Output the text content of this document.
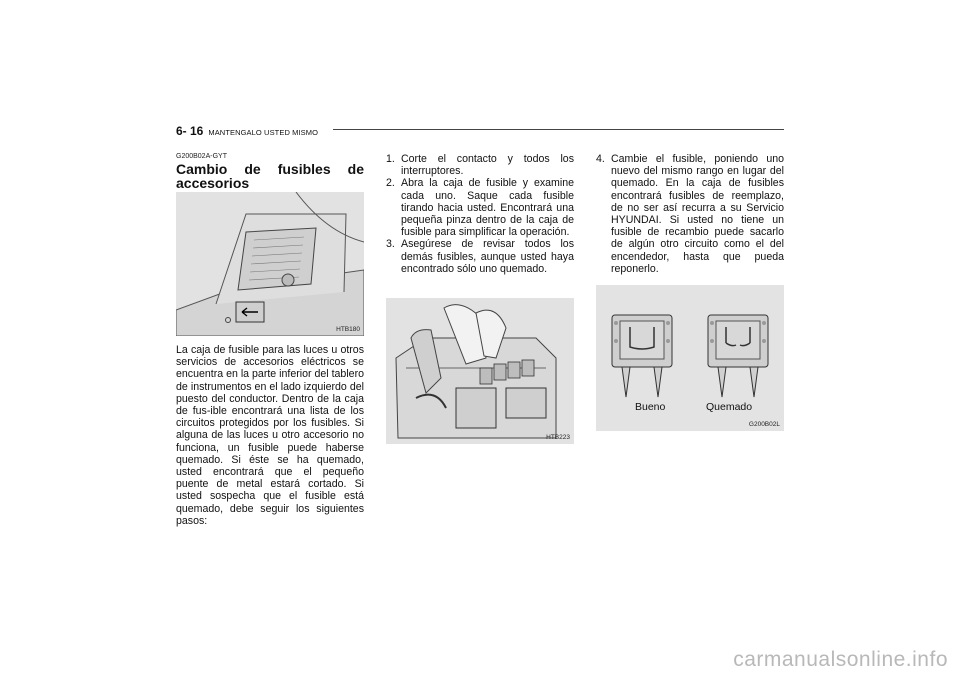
6- 16 MANTENGALO USTED MISMO
G200B02A-GYT
Cambio de fusibles de
accesorios
HTB180

La caja de fusible para las luces u otros servicios de accesorios eléctricos se encuentra en la parte inferior del tablero de instrumentos en el lado izquierdo del puesto del conductor. Dentro de la caja de fus-ible encontrará una lista de los circuitos protegidos por los fusibles. Si alguna de las luces u otro accesorio no funciona, un fusible puede haberse quemado. Si éste se ha quemado, usted encontrará que el pequeño puente de metal estará cortado. Si usted sospecha que el fusible está quemado, debe seguir los siguientes pasos:

1. Corte el contacto y todos los interruptores.
2. Abra la caja de fusible y examine cada uno. Saque cada fusible tirando hacia usted. Encontrará una pequeña pinza dentro de la caja de fusible para simplificar la operación.
3. Asegúrese de revisar todos los demás fusibles, aunque usted haya encontrado sólo uno quemado.
HTB223
4. Cambie el fusible, poniendo uno nuevo del mismo rango en lugar del quemado. En la caja de fusibles encontrará fusibles de reemplazo, de no ser así recurra a su Servicio HYUNDAI. Si usted no tiene un fusible de recambio puede sacarlo de algún otro circuito como el del encendedor, hasta que pueda reponerlo.
Bueno	Quemado
G200B02L
carmanualsonline.info
